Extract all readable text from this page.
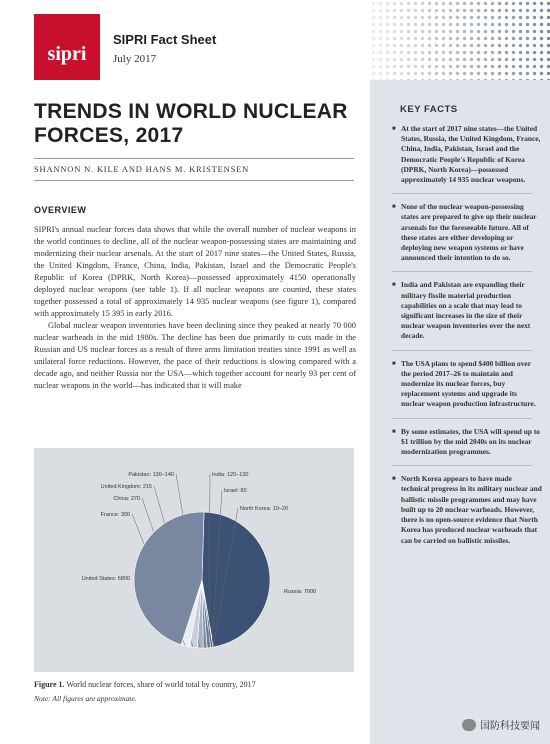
sipri
SIPRI Fact Sheet
July 2017
TRENDS IN WORLD NUCLEAR FORCES, 2017
SHANNON N. KILE AND HANS M. KRISTENSEN
OVERVIEW

SIPRI's annual nuclear forces data shows that while the overall number of nuclear weapons in the world continues to decline, all of the nuclear weapon-possessing states are maintaining and modernizing their nuclear arsenals. At the start of 2017 nine states—the United States, Russia, the United Kingdom, France, China, India, Pakistan, Israel and the Democratic People's Republic of Korea (DPRK, North Korea)—possessed approximately 4150 operationally deployed nuclear weapons (see table 1). If all nuclear weapons are counted, these states together possessed a total of approximately 14 935 nuclear weapons (see figure 1), compared with approximately 15 395 in early 2016.

Global nuclear weapon inventories have been declining since they peaked at nearly 70 000 nuclear warheads in the mid 1980s. The decline has been due primarily to cuts made in the Russian and US nuclear forces as a result of three arms limitation treaties since 1991 as well as unilateral force reductions. However, the pace of their reductions is slowing compared with a decade ago, and neither Russia nor the USA—which together account for nearly 93 per cent of nuclear weapons in the world—has indicated that it will make

Russia: 7000
North Korea: 10–20
Israel: 80
India: 120–130
Pakistan: 130–140
United Kingdom: 215
China: 270
France: 300
United States: 6800
Figure 1. World nuclear forces, share of world total by country, 2017
Note: All figures are approximate.
KEY FACTS
■ At the start of 2017 nine states—the United States, Russia, the United Kingdom, France, China, India, Pakistan, Israel and the Democratic People's Republic of Korea (DPRK, North Korea)—possessed approximately 14 935 nuclear weapons.
■ None of the nuclear weapon-possessing states are prepared to give up their nuclear arsenals for the foreseeable future. All of these states are either developing or deploying new weapon systems or have announced their intention to do so.
■ India and Pakistan are expanding their military fissile material production capabilities on a scale that may lead to significant increases in the size of their nuclear weapon inventories over the next decade.
■ The USA plans to spend $400 billion over the period 2017–26 to maintain and modernize its nuclear forces, buy replacement systems and upgrade its nuclear weapon production infrastructure.
■ By some estimates, the USA will spend up to $1 trillion by the mid 2040s on its nuclear modernization programmes.
■ North Korea appears to have made technical progress in its military nuclear and ballistic missile programmes and may have built up to 20 nuclear warheads. However, there is no open-source evidence that North Korea has produced nuclear warheads that can be carried on ballistic missiles.
国防科技要闻
